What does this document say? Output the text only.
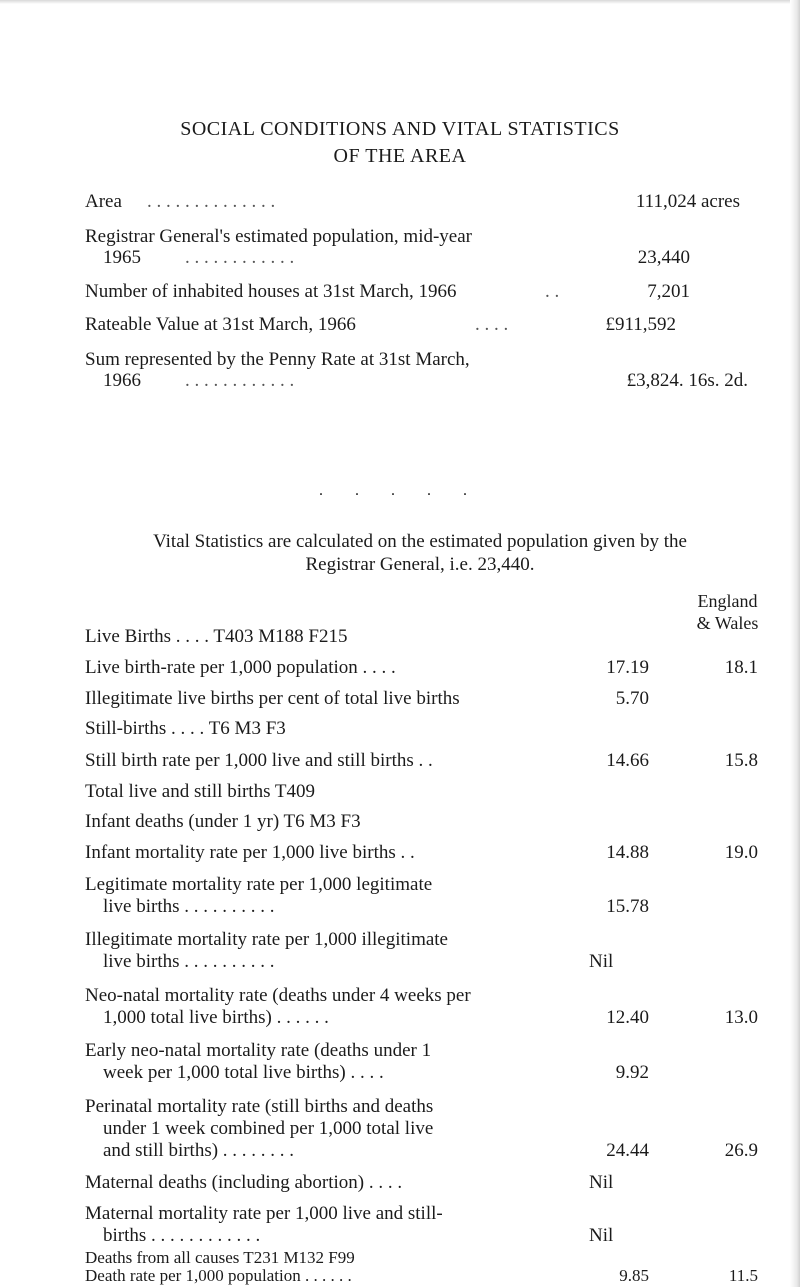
SOCIAL CONDITIONS AND VITAL STATISTICS
OF THE AREA
Area . . . . . . . . . . . . . .	111,024 acres
Registrar General's estimated population, mid-year
1965 . . . . . . . . . . . .	23,440
Number of inhabited houses at 31st March, 1966	. .	7,201
Rateable Value at 31st March, 1966	. . . .	£911,592
Sum represented by the Penny Rate at 31st March,
1966 . . . . . . . . . . . .	£3,824. 16s. 2d.
. . . . .
Vital Statistics are calculated on the estimated population given by the
Registrar General, i.e. 23,440.
England
& Wales
Live Births . . . . T403 M188 F215
Live birth-rate per 1,000 population . . . .	17.19	18.1
Illegitimate live births per cent of total live births	5.70
Still-births . . . . T6 M3 F3
Still birth rate per 1,000 live and still births . .	14.66	15.8
Total live and still births T409
Infant deaths (under 1 yr) T6 M3 F3
Infant mortality rate per 1,000 live births . .	14.88	19.0
Legitimate mortality rate per 1,000 legitimate
live births . . . . . . . . . .	15.78
Illegitimate mortality rate per 1,000 illegitimate
live births . . . . . . . . . .	Nil
Neo-natal mortality rate (deaths under 4 weeks per
1,000 total live births) . . . . . .	12.40	13.0
Early neo-natal mortality rate (deaths under 1
week per 1,000 total live births) . . . .	9.92
Perinatal mortality rate (still births and deaths
under 1 week combined per 1,000 total live
and still births) . . . . . . . .	24.44	26.9
Maternal deaths (including abortion) . . . .	Nil
Maternal mortality rate per 1,000 live and still-
births . . . . . . . . . . . .	Nil
Deaths from all causes T231 M132 F99
Death rate per 1,000 population . . . . . .	9.85	11.5
